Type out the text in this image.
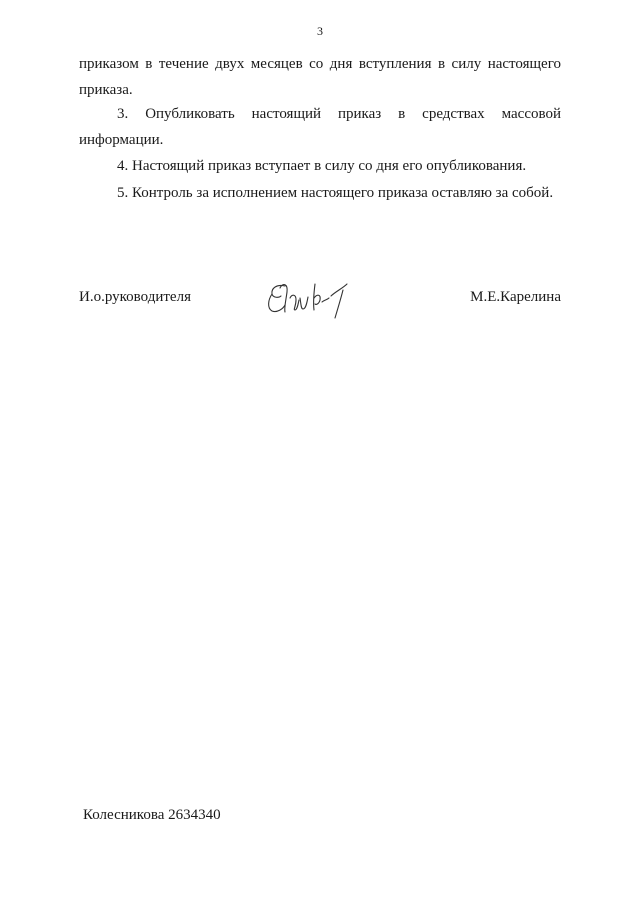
3
приказом в течение двух месяцев со дня вступления в силу настоящего
приказа.
3. Опубликовать настоящий приказ в средствах массовой
информации.
4. Настоящий приказ вступает в силу со дня его опубликования.
5. Контроль за исполнением настоящего приказа оставляю за собой.
И.о.руководителя	М.Е.Карелина
Колесникова 2634340
